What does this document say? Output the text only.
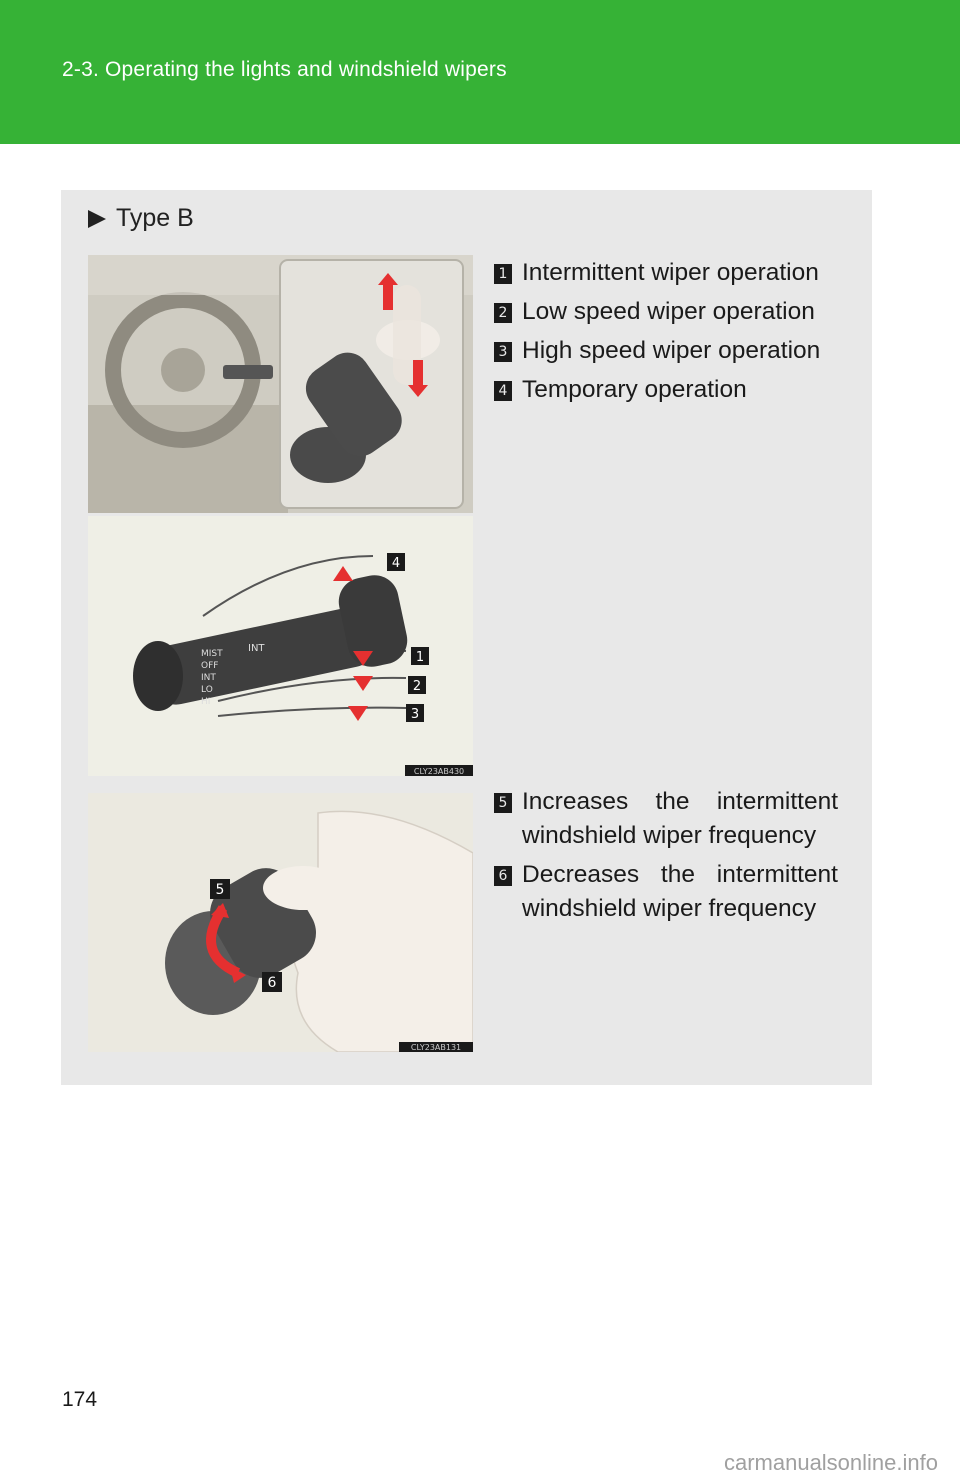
2-3. Operating the lights and windshield wipers
Type B
MIST
OFF
INT
LO
HI
INT
4
1
2
3
CLY23AB430
1 Intermittent wiper operation
2 Low speed wiper operation
3 High speed wiper operation
4 Temporary operation
5
6
CLY23AB131
5 Increases the intermittent windshield wiper frequency
6 Decreases the intermittent windshield wiper frequency
174
carmanualsonline.info
